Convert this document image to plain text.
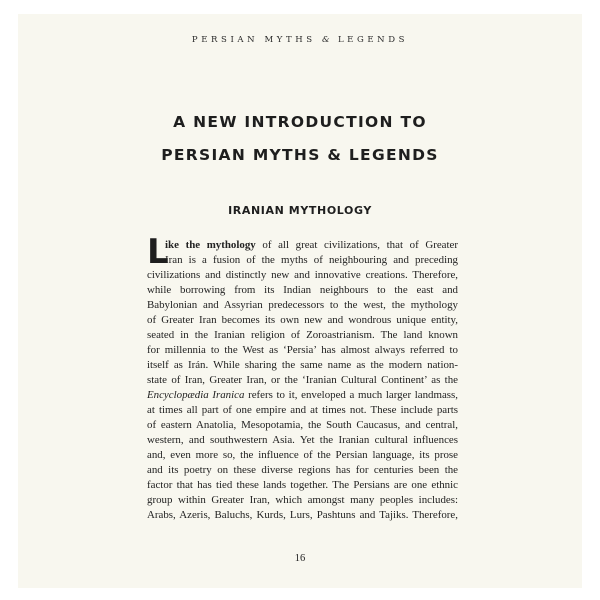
PERSIAN MYTHS & LEGENDS
A NEW INTRODUCTION TO
PERSIAN MYTHS & LEGENDS
IRANIAN MYTHOLOGY
L
ike the mythology of all great civilizations, that of Greater
Iran is a fusion of the myths of neighbouring and preceding
civilizations and distinctly new and innovative creations. Therefore,
while borrowing from its Indian neighbours to the east and
Babylonian and Assyrian predecessors to the west, the mythology
of Greater Iran becomes its own new and wondrous unique entity,
seated in the Iranian religion of Zoroastrianism. The land known
for millennia to the West as ‘Persia’ has almost always referred to
itself as Irán. While sharing the same name as the modern nation-
state of Iran, Greater Iran, or the ‘Iranian Cultural Continent’ as the
Encyclopædia Iranica refers to it, enveloped a much larger landmass,
at times all part of one empire and at times not. These include parts
of eastern Anatolia, Mesopotamia, the South Caucasus, and central,
western, and southwestern Asia. Yet the Iranian cultural influences
and, even more so, the influence of the Persian language, its prose
and its poetry on these diverse regions has for centuries been the
factor that has tied these lands together. The Persians are one ethnic
group within Greater Iran, which amongst many peoples includes:
Arabs, Azeris, Baluchs, Kurds, Lurs, Pashtuns and Tajiks. Therefore,
16
